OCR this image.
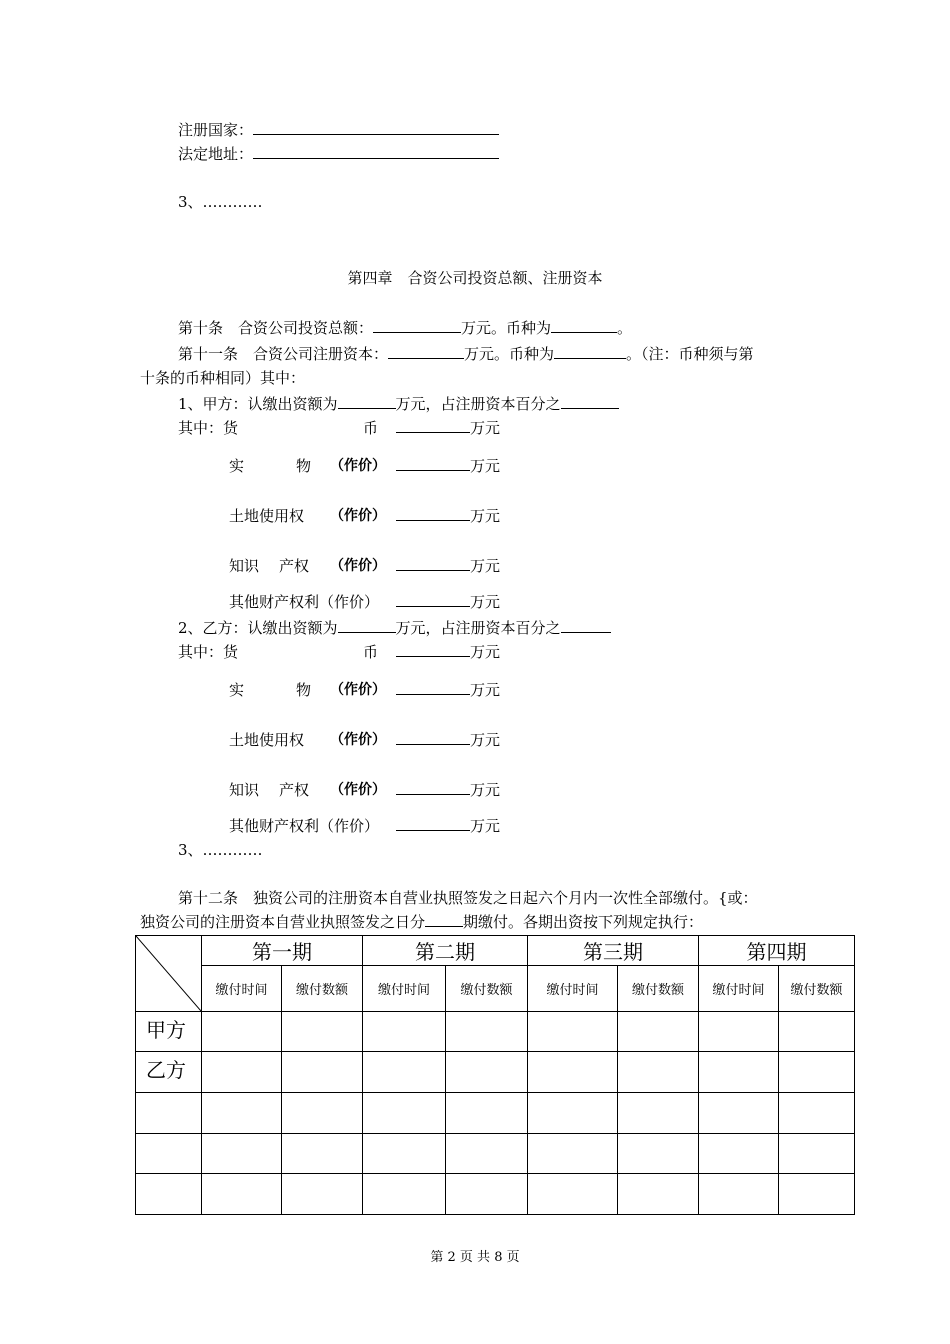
注册国家：
法定地址：
3、…………
第四章　合资公司投资总额、注册资本
第十条　合资公司投资总额：	万元。币种为	。
第十一条　合资公司注册资本：	万元。币种为	。（注：币种须与第
十条的币种相同）其中：
1、甲方：认缴出资额为	万元，占注册资本百分之
其中：货	币	万元
实	物 （作价）	万元
土地使用权 （作价）	万元
知识 产权 （作价）	万元
其他财产权利（作价）	万元
2、乙方：认缴出资额为	万元，占注册资本百分之
其中：货	币	万元
实	物 （作价）	万元
土地使用权 （作价）	万元
知识 产权 （作价）	万元
其他财产权利（作价）	万元
3、…………
第十二条　独资公司的注册资本自营业执照签发之日起六个月内一次性全部缴付。{或：
独资公司的注册资本自营业执照签发之日分	期缴付。各期出资按下列规定执行：
	第一期		第二期		第三期		第四期	
	缴付时间	缴付数额	缴付时间	缴付数额	缴付时间	缴付数额	缴付时间	缴付数额
甲方								
乙方								

第 2 页 共 8 页
